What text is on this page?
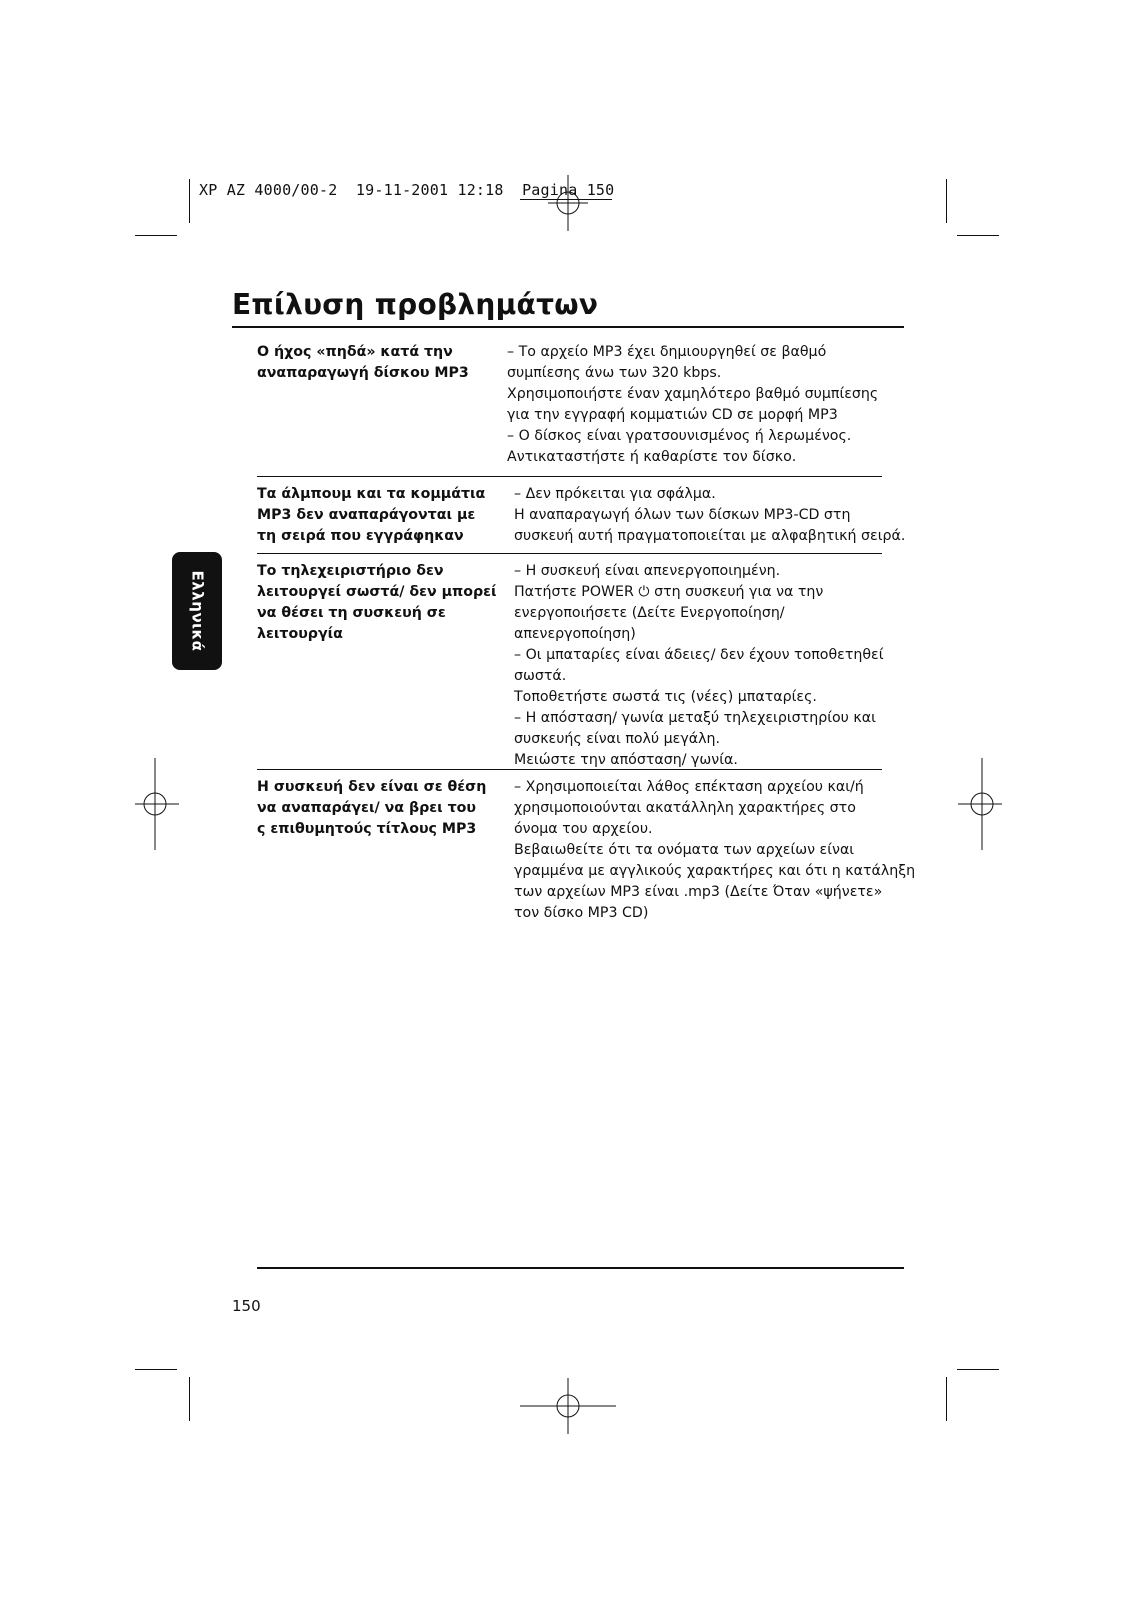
XP AZ 4000/00-2  19-11-2001 12:18  Pagina 150
Επίλυση προβλημάτων
Ελληνικά
Ο ήχος «πηδά» κατά την
αναπαραγωγή δίσκου MP3
– Το αρχείο MP3 έχει δημιουργηθεί σε βαθμό
συμπίεσης άνω των 320 kbps.
Χρησιμοποιήστε έναν χαμηλότερο βαθμό συμπίεσης
για την εγγραφή κομματιών CD σε μορφή MP3
– Ο δίσκος είναι γρατσουνισμένος ή λερωμένος.
Αντικαταστήστε ή καθαρίστε τον δίσκο.
Τα άλμπουμ και τα κομμάτια
MP3 δεν αναπαράγονται με
τη σειρά που εγγράφηκαν
– Δεν πρόκειται για σφάλμα.
Η αναπαραγωγή όλων των δίσκων MP3-CD στη
συσκευή αυτή πραγματοποιείται με αλφαβητική σειρά.
Το τηλεχειριστήριο δεν
λειτουργεί σωστά/ δεν μπορεί
να θέσει τη συσκευή σε
λειτουργία
– Η συσκευή είναι απενεργοποιημένη.
Πατήστε POWER ⏻ στη συσκευή για να την
ενεργοποιήσετε (Δείτε Ενεργοποίηση/
απενεργοποίηση)
– Οι μπαταρίες είναι άδειες/ δεν έχουν τοποθετηθεί
σωστά.
Τοποθετήστε σωστά τις (νέες) μπαταρίες.
– Η απόσταση/ γωνία μεταξύ τηλεχειριστηρίου και
συσκευής είναι πολύ μεγάλη.
Μειώστε την απόσταση/ γωνία.
Η συσκευή δεν είναι σε θέση
να αναπαράγει/ να βρει του
ς επιθυμητούς τίτλους MP3
– Χρησιμοποιείται λάθος επέκταση αρχείου και/ή
χρησιμοποιούνται ακατάλληλη χαρακτήρες στο
όνομα του αρχείου.
Βεβαιωθείτε ότι τα ονόματα των αρχείων είναι
γραμμένα με αγγλικούς χαρακτήρες και ότι η κατάληξη
των αρχείων MP3 είναι .mp3 (Δείτε Όταν «ψήνετε»
τον δίσκο MP3 CD)
150
